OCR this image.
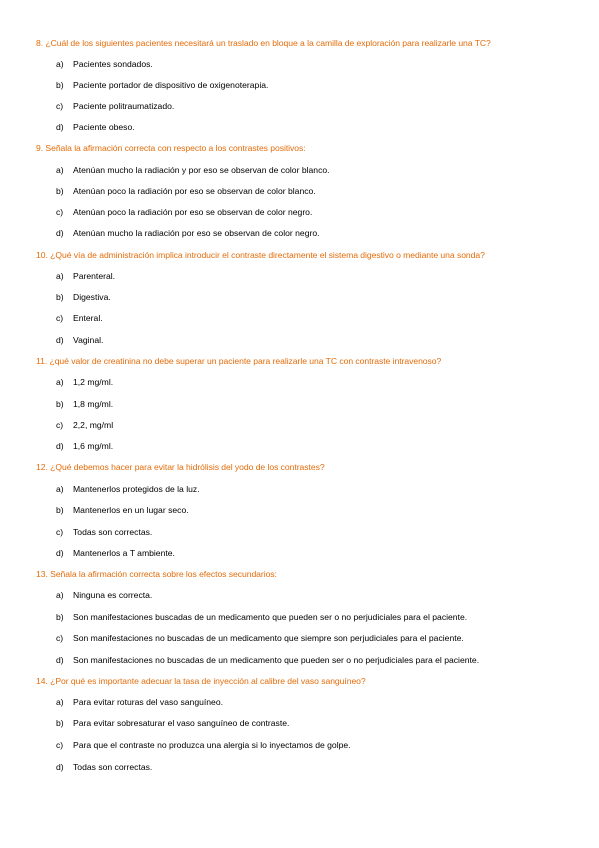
8. ¿Cuál de los siguientes pacientes necesitará un traslado en bloque a la camilla de exploración para realizarle una TC?
a) Pacientes sondados.
b) Paciente portador de dispositivo de oxigenoterapia.
c) Paciente politraumatizado.
d) Paciente obeso.
9. Señala la afirmación correcta con respecto a los contrastes positivos:
a) Atenúan mucho la radiación y por eso se observan de color blanco.
b) Atenúan poco la radiación por eso se observan de color blanco.
c) Atenúan poco la radiación por eso se observan de color negro.
d) Atenúan mucho la radiación por eso se observan de color negro.
10. ¿Qué vía de administración implica introducir el contraste directamente el sistema digestivo o mediante una sonda?
a) Parenteral.
b) Digestiva.
c) Enteral.
d) Vaginal.
11. ¿qué valor de creatinina no debe superar un paciente para realizarle una TC con contraste intravenoso?
a) 1,2 mg/ml.
b) 1,8 mg/ml.
c) 2,2, mg/ml
d) 1,6 mg/ml.
12. ¿Qué debemos hacer para evitar la hidrólisis del yodo de los contrastes?
a) Mantenerlos protegidos de la luz.
b) Mantenerlos en un lugar seco.
c) Todas son correctas.
d) Mantenerlos a T ambiente.
13. Señala la afirmación correcta sobre los efectos secundarios:
a) Ninguna es correcta.
b) Son manifestaciones buscadas de un medicamento que pueden ser o no perjudiciales para el paciente.
c) Son manifestaciones no buscadas de un medicamento que siempre son perjudiciales para el paciente.
d) Son manifestaciones no buscadas de un medicamento que pueden ser o no perjudiciales para el paciente.
14. ¿Por qué es importante adecuar la tasa de inyección al calibre del vaso sanguíneo?
a) Para evitar roturas del vaso sanguíneo.
b) Para evitar sobresaturar el vaso sanguíneo de contraste.
c) Para que el contraste no produzca una alergia si lo inyectamos de golpe.
d) Todas son correctas.
